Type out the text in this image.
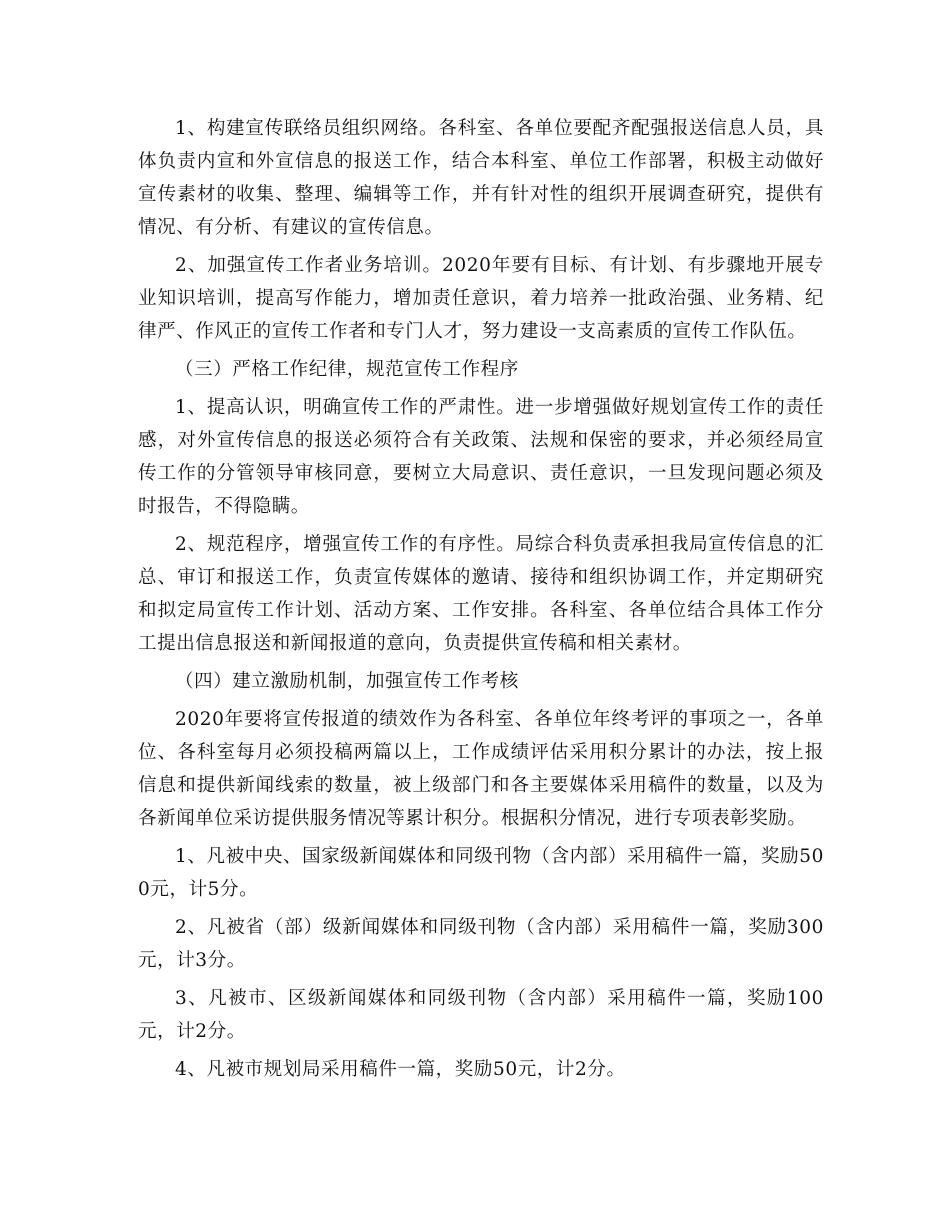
1、构建宣传联络员组织网络。各科室、各单位要配齐配强报送信息人员，具体负责内宣和外宣信息的报送工作，结合本科室、单位工作部署，积极主动做好宣传素材的收集、整理、编辑等工作，并有针对性的组织开展调查研究，提供有情况、有分析、有建议的宣传信息。

2、加强宣传工作者业务培训。2020年要有目标、有计划、有步骤地开展专业知识培训，提高写作能力，增加责任意识，着力培养一批政治强、业务精、纪律严、作风正的宣传工作者和专门人才，努力建设一支高素质的宣传工作队伍。

（三）严格工作纪律，规范宣传工作程序

1、提高认识，明确宣传工作的严肃性。进一步增强做好规划宣传工作的责任感，对外宣传信息的报送必须符合有关政策、法规和保密的要求，并必须经局宣传工作的分管领导审核同意，要树立大局意识、责任意识，一旦发现问题必须及时报告，不得隐瞒。

2、规范程序，增强宣传工作的有序性。局综合科负责承担我局宣传信息的汇总、审订和报送工作，负责宣传媒体的邀请、接待和组织协调工作，并定期研究和拟定局宣传工作计划、活动方案、工作安排。各科室、各单位结合具体工作分工提出信息报送和新闻报道的意向，负责提供宣传稿和相关素材。

（四）建立激励机制，加强宣传工作考核

2020年要将宣传报道的绩效作为各科室、各单位年终考评的事项之一，各单位、各科室每月必须投稿两篇以上，工作成绩评估采用积分累计的办法，按上报信息和提供新闻线索的数量，被上级部门和各主要媒体采用稿件的数量，以及为各新闻单位采访提供服务情况等累计积分。根据积分情况，进行专项表彰奖励。

1、凡被中央、国家级新闻媒体和同级刊物（含内部）采用稿件一篇，奖励500元，计5分。

2、凡被省（部）级新闻媒体和同级刊物（含内部）采用稿件一篇，奖励300元，计3分。

3、凡被市、区级新闻媒体和同级刊物（含内部）采用稿件一篇，奖励100元，计2分。

4、凡被市规划局采用稿件一篇，奖励50元，计2分。
